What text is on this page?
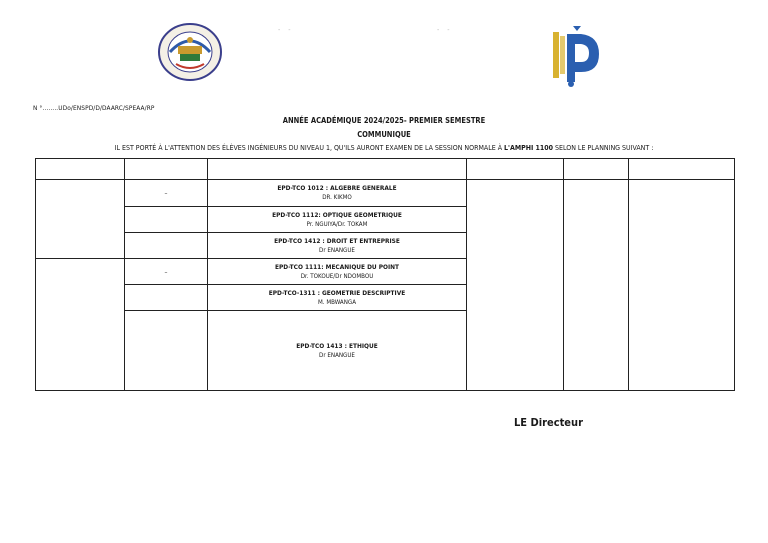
- -	- -
N °……..UDo/ENSPD/D/DAARC/SPEAA/RP
ANNÉE ACADÉMIQUE 2024/2025- PREMIER SEMESTRE
COMMUNIQUE
IL EST PORTÉ À L'ATTENTION DES ÉLÈVES INGÉNIEURS DU NIVEAU 1, QU'ILS AURONT EXAMEN DE LA SESSION NORMALE À L'AMPHI 1100 SELON LE PLANNING SUIVANT :

	–	EPD-TCO 1012 : ALGEBRE GENERALE
DR. KIKMO			

		EPD-TCO 1112: OPTIQUE GEOMETRIQUE
Pr. NGUIYA/Dr. TOKAM			

		EPD-TCO 1412 : DROIT ET ENTREPRISE
Dr ENANGUE			

	–	EPD-TCO 1111: MECANIQUE DU POINT
Dr. TOKOUE/Dr NDOMBOU			

		EPD-TCO-1311 : GEOMETRIE DESCRIPTIVE
M. MBWANGA			

		EPD-TCO 1413 : ETHIQUE
Dr ENANGUE			
LE Directeur
